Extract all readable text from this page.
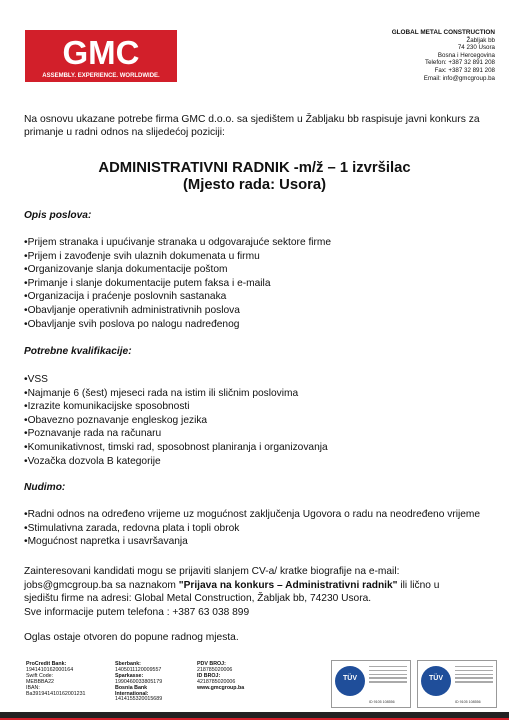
GMC
ASSEMBLY. EXPERIENCE. WORLDWIDE.
GLOBAL METAL CONSTRUCTION
Žabljak bb
74 230 Usora
Bosna i Hercegovina
Telefon: +387 32 891 208
Fax: +387 32 891 208
Email: info@gmcgroup.ba
Na osnovu ukazane potrebe firma GMC d.o.o. sa sjedištem u Žabljaku bb raspisuje javni konkurs za primanje u radni odnos na slijedećoj poziciji:
ADMINISTRATIVNI RADNIK -m/ž – 1 izvršilac
(Mjesto rada: Usora)

Opis poslova:

•Prijem stranaka i upućivanje stranaka u odgovarajuće sektore firme
•Prijem i zavođenje svih ulaznih dokumenata u firmu
•Organizovanje slanja dokumentacije poštom
•Primanje i slanje dokumentacije putem faksa i e-maila
•Organizacija i praćenje poslovnih sastanaka
•Obavljanje operativnih administrativnih poslova
•Obavljanje svih poslova po nalogu nadređenog

Potrebne kvalifikacije:

•VSS
•Najmanje 6 (šest) mjeseci rada na istim ili sličnim poslovima
•Izrazite komunikacijske sposobnosti
•Obavezno poznavanje engleskog jezika
•Poznavanje rada na računaru
•Komunikativnost, timski rad, sposobnost planiranja i organizovanja
•Vozačka dozvola B kategorije

Nudimo:

•Radni odnos na određeno vrijeme uz mogućnost zaključenja Ugovora o radu na neodređeno vrijeme
•Stimulativna zarada, redovna plata i topli obrok
•Mogućnost napretka i usavršavanja

Zainteresovani kandidati mogu se prijaviti slanjem CV-a/ kratke biografije na e-mail:

jobs@gmcgroup.ba sa naznakom "Prijava na konkurs – Administrativni radnik" ili lično u

sjedištu firme na adresi: Global Metal Construction, Žabljak bb, 74230 Usora.

Sve informacije putem telefona : +387 63 038 899

Oglas ostaje otvoren do popune radnog mjesta.
ProCredit Bank:
1941410162000164
Swift Code:
MEBBBA22
IBAN:
Ba391941410162001231
Sberbank:
1405011120009557
Sparkasse:
1990460033805179
Bosnia Bank International:
1414155320015689
PDV BROJ:
218785020006
ID BROJ:
4218785020006
www.gmcgroup.ba
TÜV
ID 9105 108556
TÜV
ID 9105 108556
